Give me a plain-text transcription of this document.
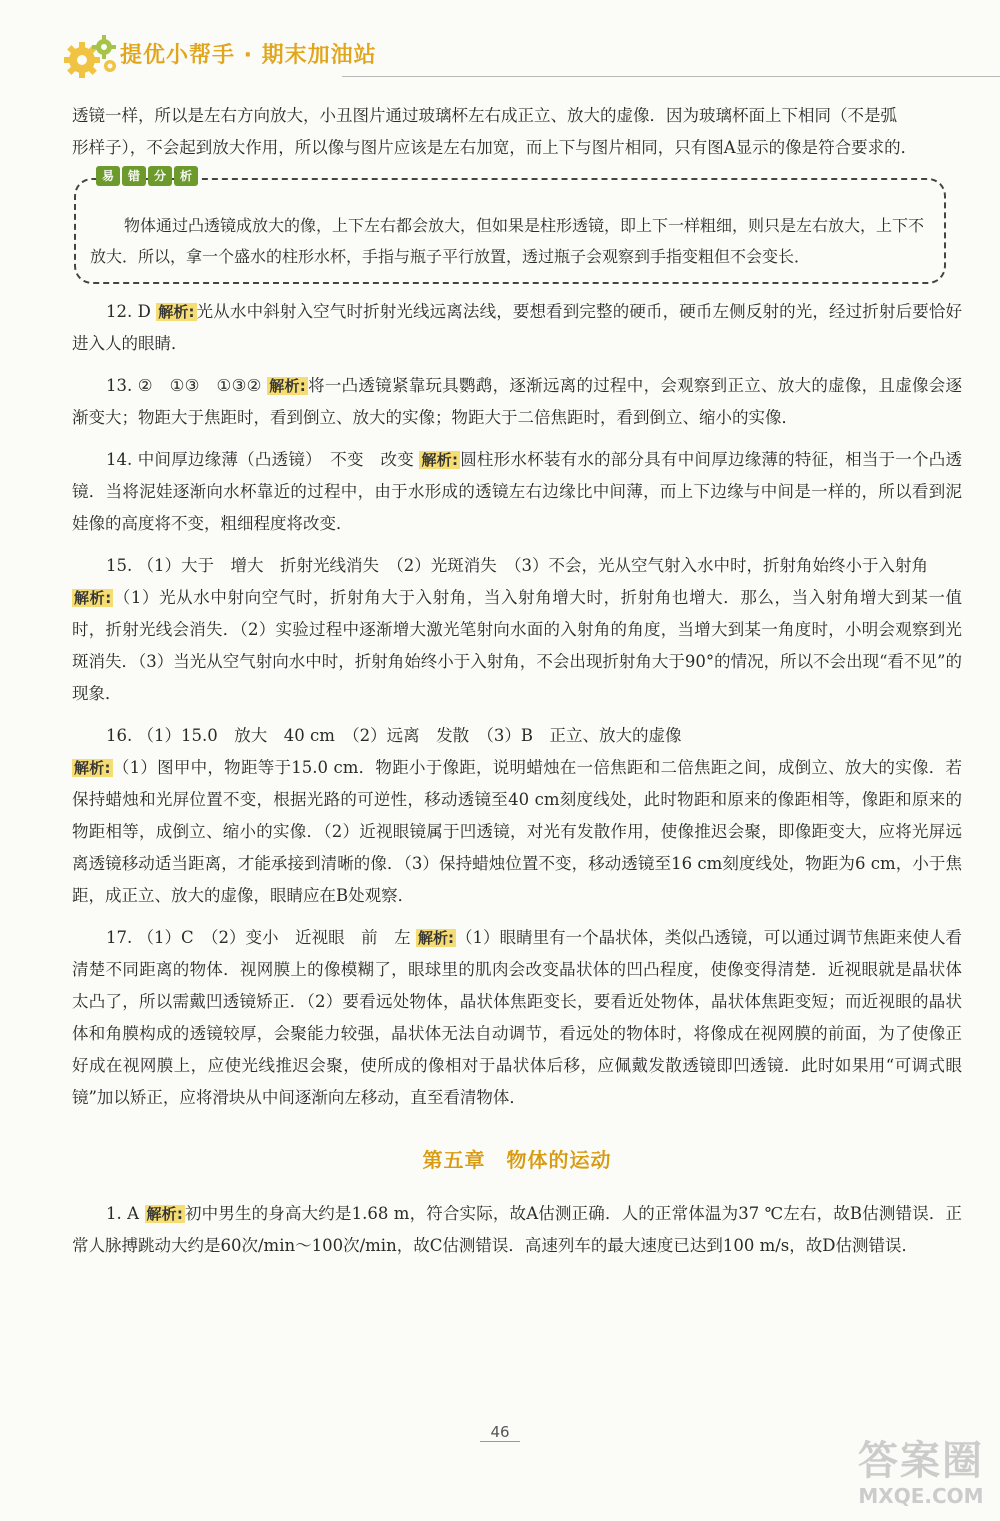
提优小帮手 · 期末加油站

透镜一样，所以是左右方向放大，小丑图片通过玻璃杯左右成正立、放大的虚像．因为玻璃杯面上下相同（不是弧

形样子），不会起到放大作用，所以像与图片应该是左右加宽，而上下与图片相同，只有图A显示的像是符合要求的．

易	错	分	析

物体通过凸透镜成放大的像，上下左右都会放大，但如果是柱形透镜，即上下一样粗细，则只是左右放大，上下不放大．所以，拿一个盛水的柱形水杯，手指与瓶子平行放置，透过瓶子会观察到手指变粗但不会变长．

12. D 解析: 光从水中斜射入空气时折射光线远离法线，要想看到完整的硬币，硬币左侧反射的光，经过折射后要恰好进入人的眼睛．

13. ②　①③　①③② 解析: 将一凸透镜紧靠玩具鹦鹉，逐渐远离的过程中，会观察到正立、放大的虚像，且虚像会逐渐变大；物距大于焦距时，看到倒立、放大的实像；物距大于二倍焦距时，看到倒立、缩小的实像．

14. 中间厚边缘薄（凸透镜）　不变　改变 解析: 圆柱形水杯装有水的部分具有中间厚边缘薄的特征，相当于一个凸透镜．当将泥娃逐渐向水杯靠近的过程中，由于水形成的透镜左右边缘比中间薄，而上下边缘与中间是一样的，所以看到泥娃像的高度将不变，粗细程度将改变．

15. （1）大于　增大　折射光线消失　（2）光斑消失　（3）不会，光从空气射入水中时，折射角始终小于入射角
解析: （1）光从水中射向空气时，折射角大于入射角，当入射角增大时，折射角也增大．那么，当入射角增大到某一值时，折射光线会消失．（2）实验过程中逐渐增大激光笔射向水面的入射角的角度，当增大到某一角度时，小明会观察到光斑消失．（3）当光从空气射向水中时，折射角始终小于入射角，不会出现折射角大于90°的情况，所以不会出现“看不见”的现象．

16. （1）15.0　放大　40 cm　（2）远离　发散　（3）B　正立、放大的虚像
解析: （1）图甲中，物距等于15.0 cm．物距小于像距，说明蜡烛在一倍焦距和二倍焦距之间，成倒立、放大的实像．若保持蜡烛和光屏位置不变，根据光路的可逆性，移动透镜至40 cm刻度线处，此时物距和原来的像距相等，像距和原来的物距相等，成倒立、缩小的实像．（2）近视眼镜属于凹透镜，对光有发散作用，使像推迟会聚，即像距变大，应将光屏远离透镜移动适当距离，才能承接到清晰的像．（3）保持蜡烛位置不变，移动透镜至16 cm刻度线处，物距为6 cm，小于焦距，成正立、放大的虚像，眼睛应在B处观察．

17. （1）C　（2）变小　近视眼　前　左 解析: （1）眼睛里有一个晶状体，类似凸透镜，可以通过调节焦距来使人看清楚不同距离的物体．视网膜上的像模糊了，眼球里的肌肉会改变晶状体的凹凸程度，使像变得清楚．近视眼就是晶状体太凸了，所以需戴凹透镜矫正．（2）要看远处物体，晶状体焦距变长，要看近处物体，晶状体焦距变短；而近视眼的晶状体和角膜构成的透镜较厚，会聚能力较强，晶状体无法自动调节，看远处的物体时，将像成在视网膜的前面，为了使像正好成在视网膜上，应使光线推迟会聚，使所成的像相对于晶状体后移，应佩戴发散透镜即凹透镜．此时如果用“可调式眼镜”加以矫正，应将滑块从中间逐渐向左移动，直至看清物体．

第五章　物体的运动

1. A 解析: 初中男生的身高大约是1.68 m，符合实际，故A估测正确．人的正常体温为37 ℃左右，故B估测错误．正常人脉搏跳动大约是60次/min～100次/min，故C估测错误．高速列车的最大速度已达到100 m/s，故D估测错误．

46
答案圈
MXQE.COM
